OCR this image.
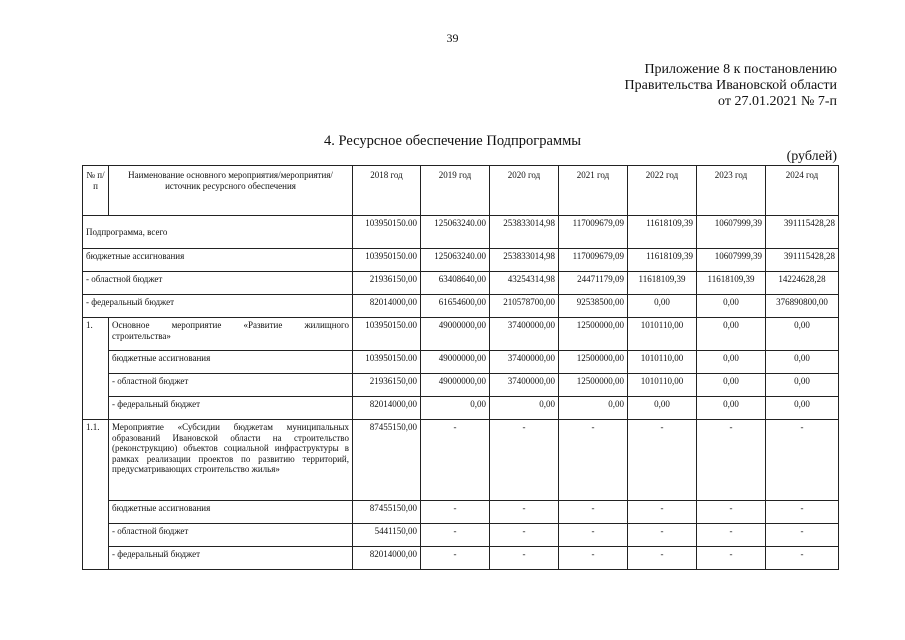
39
Приложение 8 к постановлению
Правительства Ивановской области
от 27.01.2021 № 7-п
4. Ресурсное обеспечение Подпрограммы
(рублей)
№ п/п	Наименование основного мероприятия/мероприятия/источник ресурсного обеспечения	2018 год	2019 год	2020 год	2021 год	2022 год	2023 год	2024 год
Подпрограмма, всего		103950150.00	125063240.00	253833014,98	117009679,09	11618109,39	10607999,39	391115428,28
бюджетные ассигнования		103950150.00	125063240.00	253833014,98	117009679,09	11618109,39	10607999,39	391115428,28
- областной бюджет		21936150,00	63408640,00	43254314,98	24471179,09	11618109,39	11618109,39	14224628,28
- федеральный бюджет		82014000,00	61654600,00	210578700,00	92538500,00	0,00	0,00	376890800,00
1.	Основное мероприятие «Развитие жилищного строительства»	103950150.00	49000000,00	37400000,00	12500000,00	1010110,00	0,00	0,00
	бюджетные ассигнования	103950150.00	49000000,00	37400000,00	12500000,00	1010110,00	0,00	0,00
	- областной бюджет	21936150,00	49000000,00	37400000,00	12500000,00	1010110,00	0,00	0,00
	- федеральный бюджет	82014000,00	0,00	0,00	0,00	0,00	0,00	0,00
1.1.	Мероприятие «Субсидии бюджетам муниципальных образований Ивановской области на строительство (реконструкцию) объектов социальной инфраструктуры в рамках реализации проектов по развитию территорий, предусматривающих строительство жилья»	87455150,00	-	-	-	-	-	-
	бюджетные ассигнования	87455150,00	-	-	-	-	-	-
	- областной бюджет	5441150,00	-	-	-	-	-	-
	- федеральный бюджет	82014000,00	-	-	-	-	-	-
